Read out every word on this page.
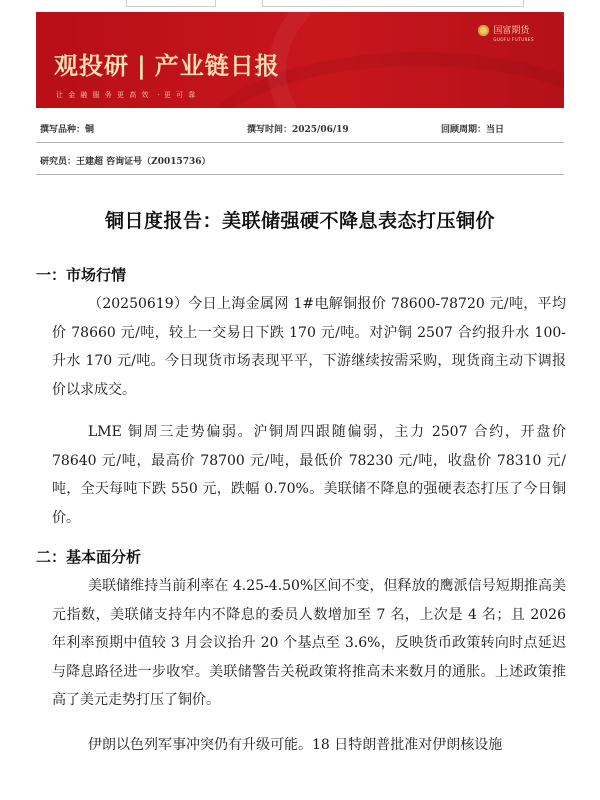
国富期货
GUOFU FUTURES
观投研 | 产业链日报
让金融服务更高效 · 更可靠
撰写品种：铜	撰写时间：2025/06/19	回顾周期：当日
研究员：王建超 咨询证号（Z0015736）
铜日度报告：美联储强硬不降息表态打压铜价
一：市场行情

（20250619）今日上海金属网 1#电解铜报价 78600-78720 元/吨，平均价 78660 元/吨，较上一交易日下跌 170 元/吨。对沪铜 2507 合约报升水 100-升水 170 元/吨。今日现货市场表现平平，下游继续按需采购，现货商主动下调报价以求成交。

LME 铜周三走势偏弱。沪铜周四跟随偏弱，主力 2507 合约，开盘价 78640 元/吨，最高价 78700 元/吨，最低价 78230 元/吨，收盘价 78310 元/吨，全天每吨下跌 550 元，跌幅 0.70%。美联储不降息的强硬表态打压了今日铜价。

二：基本面分析

美联储维持当前利率在 4.25-4.50%区间不变，但释放的鹰派信号短期推高美元指数，美联储支持年内不降息的委员人数增加至 7 名，上次是 4 名；且 2026 年利率预期中值较 3 月会议抬升 20 个基点至 3.6%，反映货币政策转向时点延迟与降息路径进一步收窄。美联储警告关税政策将推高未来数月的通胀。上述政策推高了美元走势打压了铜价。

伊朗以色列军事冲突仍有升级可能。18 日特朗普批准对伊朗核设施
